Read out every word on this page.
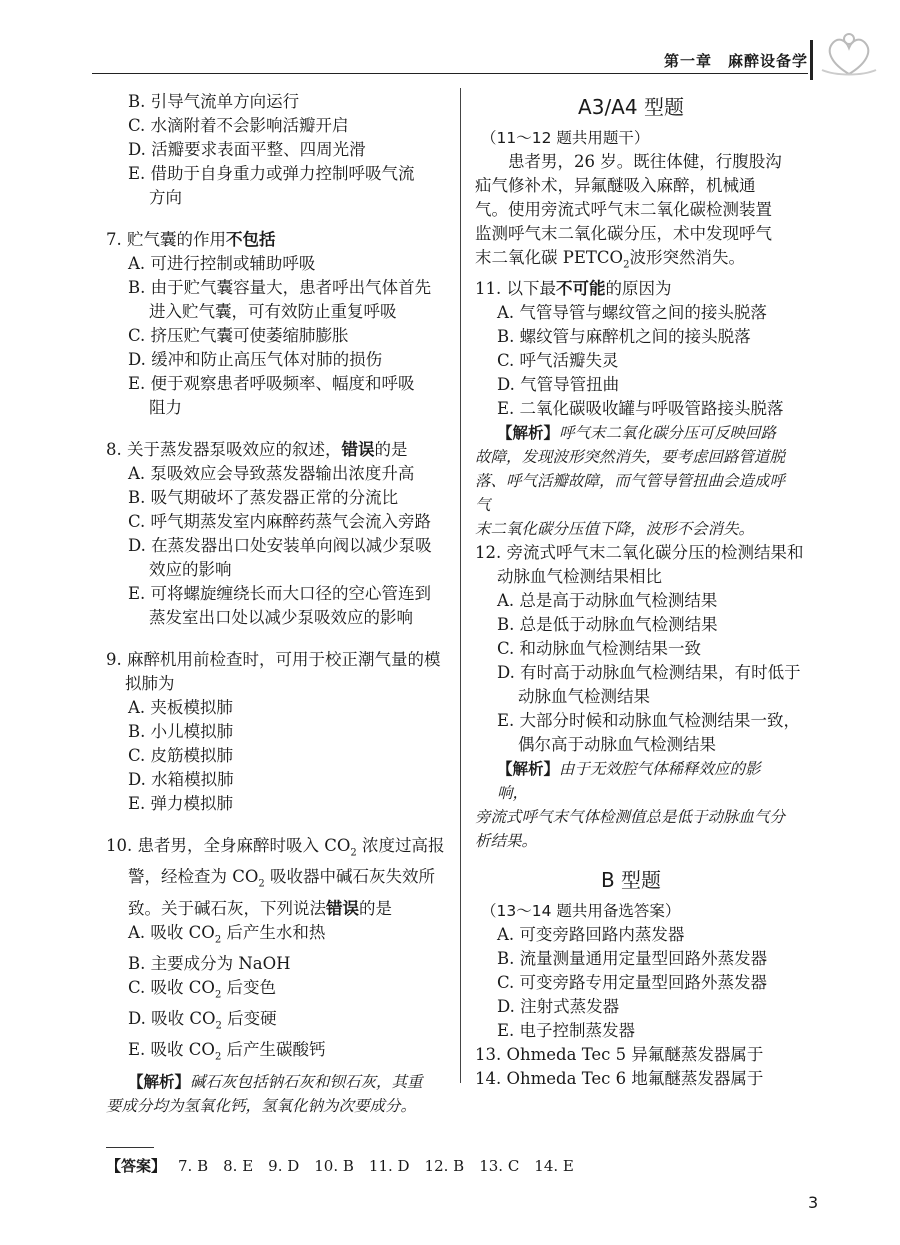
第一章　麻醉设备学
B. 引导气流单方向运行
C. 水滴附着不会影响活瓣开启
D. 活瓣要求表面平整、四周光滑
E. 借助于自身重力或弹力控制呼吸气流
方向
7. 贮气囊的作用不包括
A. 可进行控制或辅助呼吸
B. 由于贮气囊容量大，患者呼出气体首先
进入贮气囊，可有效防止重复呼吸
C. 挤压贮气囊可使萎缩肺膨胀
D. 缓冲和防止高压气体对肺的损伤
E. 便于观察患者呼吸频率、幅度和呼吸
阻力
8. 关于蒸发器泵吸效应的叙述，错误的是
A. 泵吸效应会导致蒸发器输出浓度升高
B. 吸气期破坏了蒸发器正常的分流比
C. 呼气期蒸发室内麻醉药蒸气会流入旁路
D. 在蒸发器出口处安装单向阀以减少泵吸
效应的影响
E. 可将螺旋缠绕长而大口径的空心管连到
蒸发室出口处以减少泵吸效应的影响
9. 麻醉机用前检查时，可用于校正潮气量的模
拟肺为
A. 夹板模拟肺
B. 小儿模拟肺
C. 皮筋模拟肺
D. 水箱模拟肺
E. 弹力模拟肺
10. 患者男，全身麻醉时吸入 $CO_2$ 浓度过高报
警，经检查为 $CO_2$ 吸收器中碱石灰失效所
致。关于碱石灰，下列说法错误的是
A. 吸收 $CO_2$ 后产生水和热
B. 主要成分为 NaOH
C. 吸收 $CO_2$ 后变色
D. 吸收 $CO_2$ 后变硬
E. 吸收 $CO_2$ 后产生碳酸钙
【解析】碱石灰包括钠石灰和钡石灰，其重
要成分均为氢氧化钙，氢氧化钠为次要成分。
A3/A4 型题
（11～12 题共用题干）
患者男，26 岁。既往体健，行腹股沟疝气修补术，异氟醚吸入麻醉，机械通气。使用旁流式呼气末二氧化碳检测装置监测呼气末二氧化碳分压，术中发现呼气末二氧化碳 $PETCO_2$波形突然消失。
11. 以下最不可能的原因为
A. 气管导管与螺纹管之间的接头脱落
B. 螺纹管与麻醉机之间的接头脱落
C. 呼气活瓣失灵
D. 气管导管扭曲
E. 二氧化碳吸收罐与呼吸管路接头脱落
【解析】呼气末二氧化碳分压可反映回路
故障，发现波形突然消失，要考虑回路管道脱
落、呼气活瓣故障，而气管导管扭曲会造成呼气
末二氧化碳分压值下降，波形不会消失。
12. 旁流式呼气末二氧化碳分压的检测结果和
动脉血气检测结果相比
A. 总是高于动脉血气检测结果
B. 总是低于动脉血气检测结果
C. 和动脉血气检测结果一致
D. 有时高于动脉血气检测结果，有时低于
动脉血气检测结果
E. 大部分时候和动脉血气检测结果一致，
偶尔高于动脉血气检测结果
【解析】由于无效腔气体稀释效应的影响，
旁流式呼气末气体检测值总是低于动脉血气分
析结果。
B 型题
（13～14 题共用备选答案）
A. 可变旁路回路内蒸发器
B. 流量测量通用定量型回路外蒸发器
C. 可变旁路专用定量型回路外蒸发器
D. 注射式蒸发器
E. 电子控制蒸发器
13. Ohmeda Tec 5 异氟醚蒸发器属于
14. Ohmeda Tec 6 地氟醚蒸发器属于
【答案】 7. B　8. E　9. D　10. B　11. D　12. B　13. C　14. E
3
